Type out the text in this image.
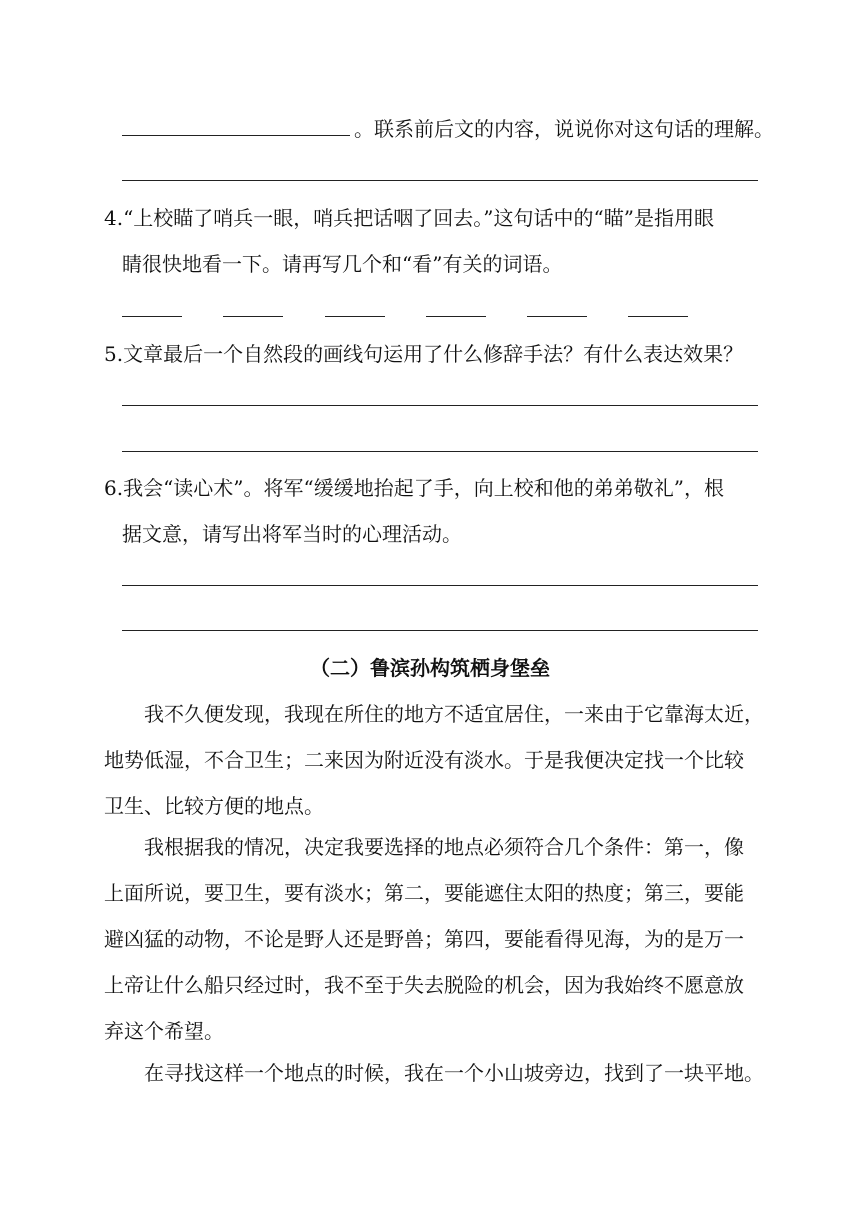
。联系前后文的内容，说说你对这句话的理解。
4.“上校瞄了哨兵一眼，哨兵把话咽了回去。”这句话中的“瞄”是指用眼
睛很快地看一下。请再写几个和“看”有关的词语。
5.文章最后一个自然段的画线句运用了什么修辞手法？有什么表达效果？
6.我会“读心术”。将军“缓缓地抬起了手，向上校和他的弟弟敬礼”，根
据文意，请写出将军当时的心理活动。
（二）鲁滨孙构筑栖身堡垒
我不久便发现，我现在所住的地方不适宜居住，一来由于它靠海太近，
地势低湿，不合卫生；二来因为附近没有淡水。于是我便决定找一个比较
卫生、比较方便的地点。
我根据我的情况，决定我要选择的地点必须符合几个条件：第一，像
上面所说，要卫生，要有淡水；第二，要能遮住太阳的热度；第三，要能
避凶猛的动物，不论是野人还是野兽；第四，要能看得见海，为的是万一
上帝让什么船只经过时，我不至于失去脱险的机会，因为我始终不愿意放
弃这个希望。
在寻找这样一个地点的时候，我在一个小山坡旁边，找到了一块平地。
